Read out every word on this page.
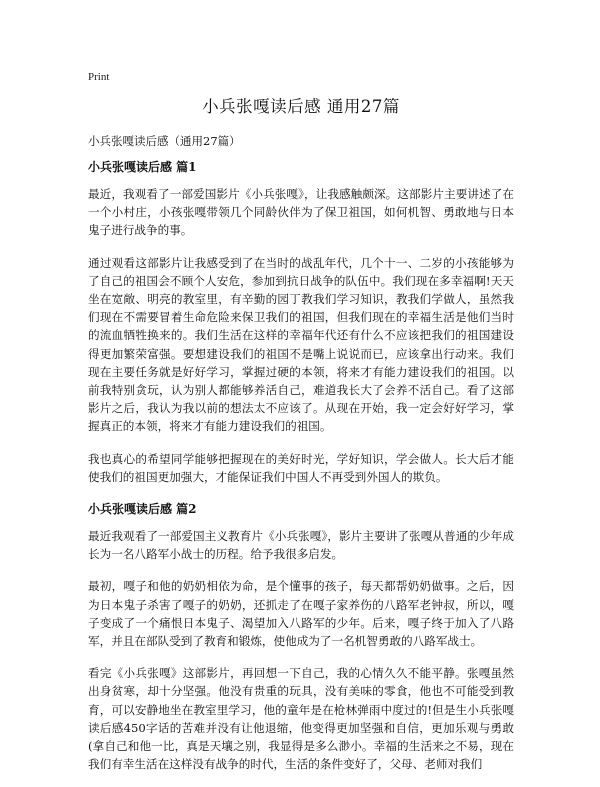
Print
小兵张嘎读后感 通用27篇

小兵张嘎读后感（通用27篇）

小兵张嘎读后感 篇1

最近，我观看了一部爱国影片《小兵张嘎》，让我感触颇深。这部影片主要讲述了在一个小村庄，小孩张嘎带领几个同龄伙伴为了保卫祖国，如何机智、勇敢地与日本鬼子进行战争的事。

通过观看这部影片让我感受到了在当时的战乱年代，几个十一、二岁的小孩能够为了自己的祖国会不顾个人安危，参加到抗日战争的队伍中。我们现在多幸福啊!天天坐在宽敞、明亮的教室里，有辛勤的园丁教我们学习知识，教我们学做人，虽然我们现在不需要冒着生命危险来保卫我们的祖国，但我们现在的幸福生活是他们当时的流血牺牲换来的。我们生活在这样的幸福年代还有什么不应该把我们的祖国建设得更加繁荣富强。要想建设我们的祖国不是嘴上说说而已，应该拿出行动来。我们现在主要任务就是好好学习，掌握过硬的本领，将来才有能力建设我们的祖国。以前我特别贪玩，认为别人都能够养活自己，难道我长大了会养不活自己。看了这部影片之后，我认为我以前的想法太不应该了。从现在开始，我一定会好好学习，掌握真正的本领，将来才有能力建设我们的祖国。

我也真心的希望同学能够把握现在的美好时光，学好知识，学会做人。长大后才能使我们的祖国更加强大，才能保证我们中国人不再受到外国人的欺负。

小兵张嘎读后感 篇2

最近我观看了一部爱国主义教育片《小兵张嘎》，影片主要讲了张嘎从普通的少年成长为一名八路军小战士的历程。给予我很多启发。

最初，嘎子和他的奶奶相依为命，是个懂事的孩子，每天都帮奶奶做事。之后，因为日本鬼子杀害了嘎子的奶奶，还抓走了在嘎子家养伤的八路军老钟叔，所以，嘎子变成了一个痛恨日本鬼子、渴望加入八路军的少年。后来，嘎子终于加入了八路军，并且在部队受到了教育和锻炼，使他成为了一名机智勇敢的八路军战士。

看完《小兵张嘎》这部影片，再回想一下自己，我的心情久久不能平静。张嘎虽然出身贫寒，却十分坚强。他没有贵重的玩具，没有美味的零食，他也不可能受到教育，可以安静地坐在教室里学习，他的童年是在枪林弹雨中度过的!但是生小兵张嘎读后感450字话的苦难并没有让他退缩，他变得更加坚强和自信，更加乐观与勇敢(拿自己和他一比，真是天壤之别，我显得是多么渺小。幸福的生活来之不易，现在我们有幸生活在这样没有战争的时代，生活的条件变好了，父母、老师对我们
